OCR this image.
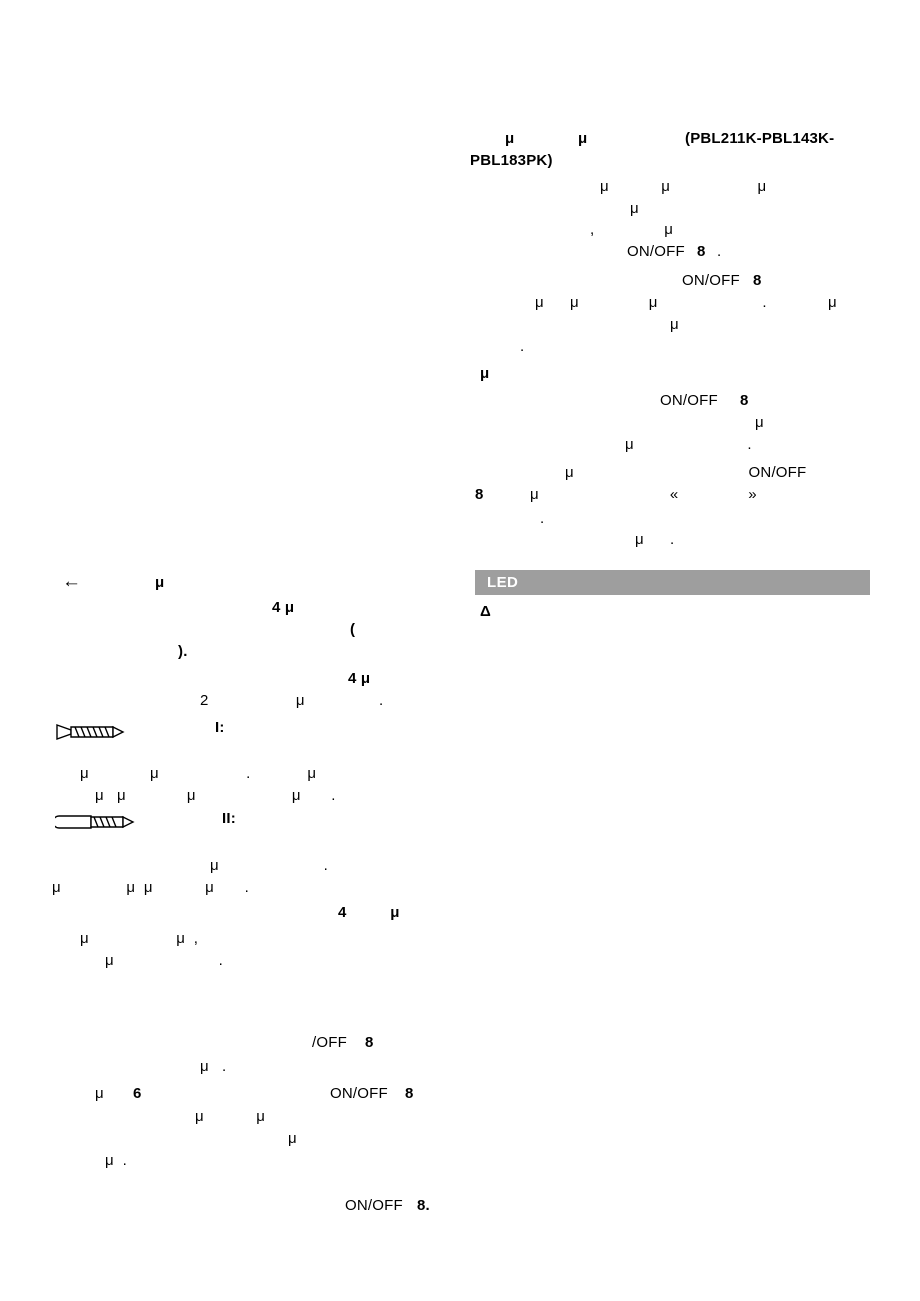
μ	μ	(PBL211K-PBL143K-
PBL183PK)
μ            μ                    μ
μ
,                μ
ON/OFF 8 .
ON/OFF 8
μ      μ                μ                        .              μ
μ
.
μ
ON/OFF 8
μ
μ                          .
μ                                        ON/OFF
8	μ                              «                »
.
μ      .
LED
Δ
←	μ
4 μ
(
).
4 μ
2                    μ                 .
I:
μ              μ                    .             μ
μ   μ              μ                      μ       .
II:
μ                        .
μ               μ  μ            μ       .
4          μ
μ                    μ  ,
μ                        .
/OFF 8
μ   .
μ 6	ON/OFF 8
μ            μ
μ
μ  .
ON/OFF 8.
